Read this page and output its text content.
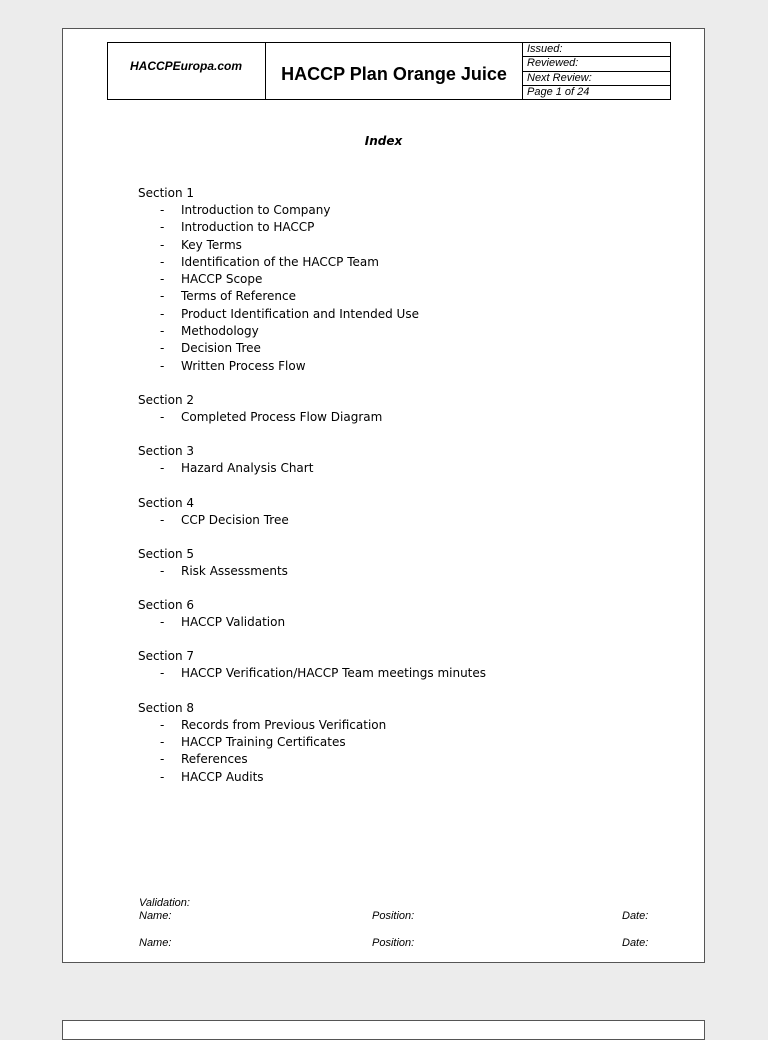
HACCPEuropa.com	HACCP Plan Orange Juice
Issued:
Reviewed:
Next Review:
Page 1 of 24
Index
Section 1
-	Introduction to Company
-	Introduction to HACCP
-	Key Terms
-	Identification of the HACCP Team
-	HACCP Scope
-	Terms of Reference
-	Product Identification and Intended Use
-	Methodology
-	Decision Tree
-	Written Process Flow
Section 2
-	Completed Process Flow Diagram
Section 3
-	Hazard Analysis Chart
Section 4
-	CCP Decision Tree
Section 5
-	Risk Assessments
Section 6
-	HACCP Validation
Section 7
-	HACCP Verification/HACCP Team meetings minutes
Section 8
-	Records from Previous Verification
-	HACCP Training Certificates
-	References
-	HACCP Audits
Validation:
Name:	Position:	Date:
Name:	Position:	Date:
